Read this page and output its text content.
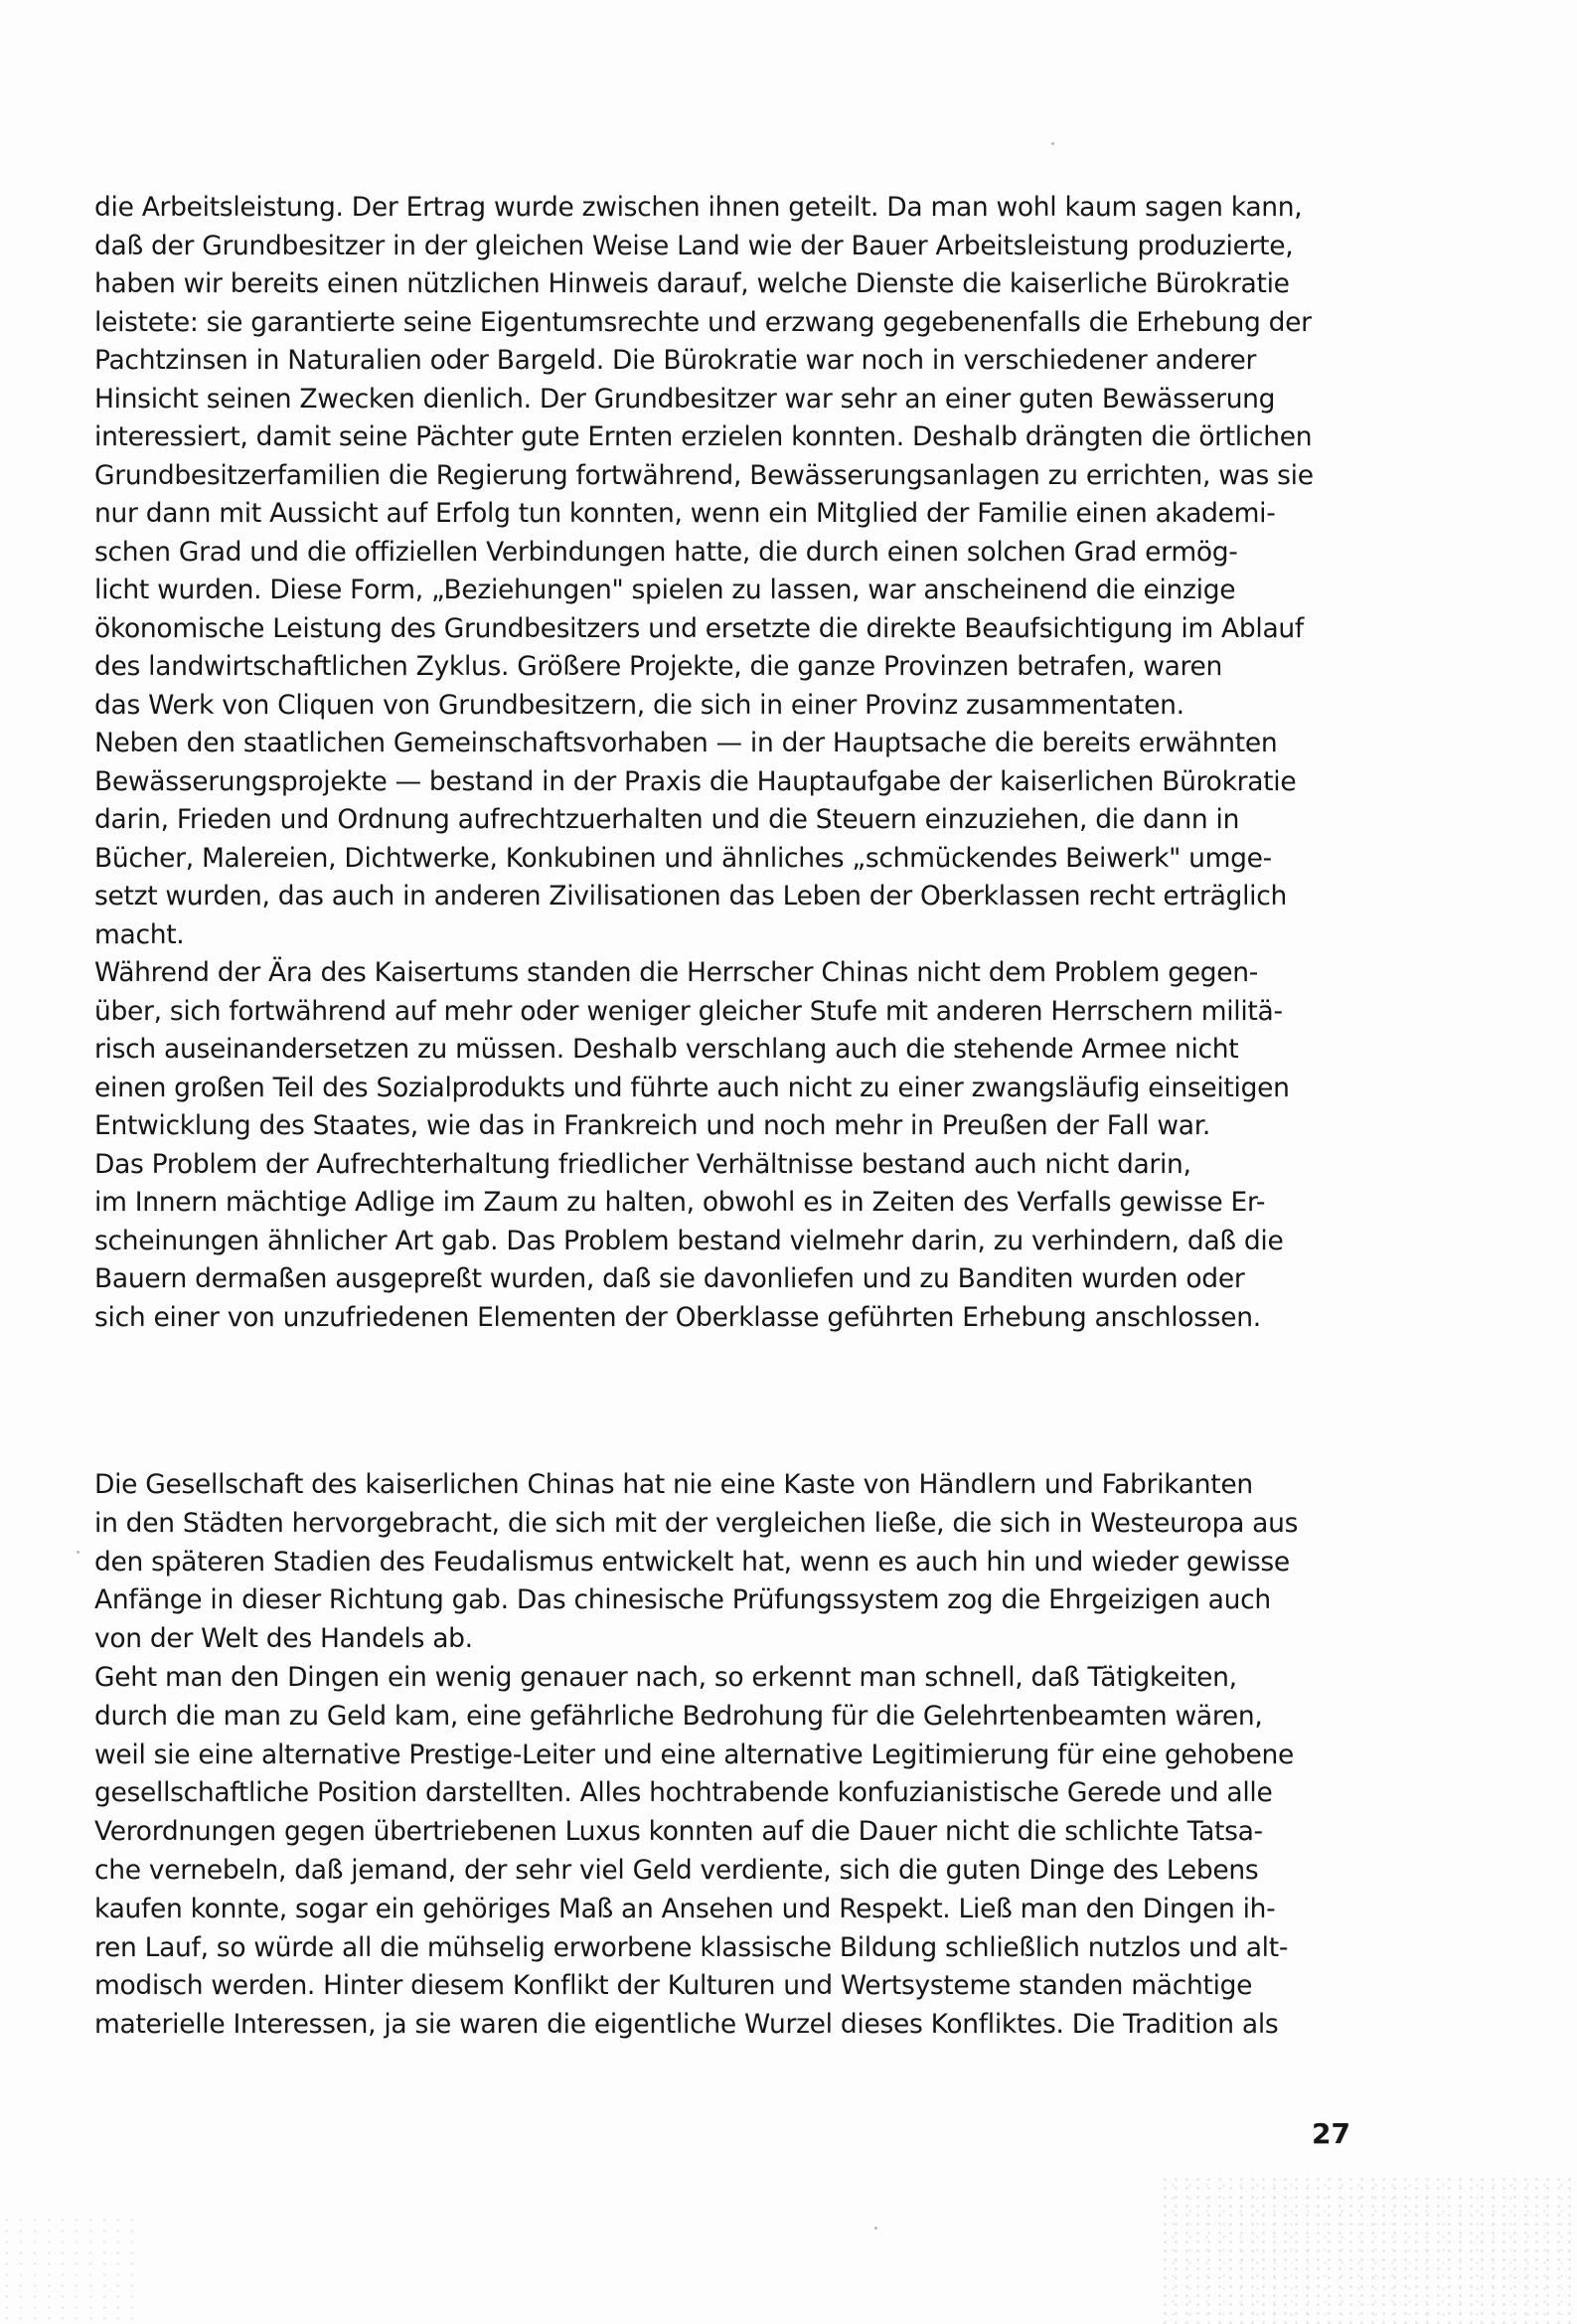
die Arbeitsleistung. Der Ertrag wurde zwischen ihnen geteilt. Da man wohl kaum sagen kann,
daß der Grundbesitzer in der gleichen Weise Land wie der Bauer Arbeitsleistung produzierte,
haben wir bereits einen nützlichen Hinweis darauf, welche Dienste die kaiserliche Bürokratie
leistete: sie garantierte seine Eigentumsrechte und erzwang gegebenenfalls die Erhebung der
Pachtzinsen in Naturalien oder Bargeld. Die Bürokratie war noch in verschiedener anderer
Hinsicht seinen Zwecken dienlich. Der Grundbesitzer war sehr an einer guten Bewässerung
interessiert, damit seine Pächter gute Ernten erzielen konnten. Deshalb drängten die örtlichen
Grundbesitzerfamilien die Regierung fortwährend, Bewässerungsanlagen zu errichten, was sie
nur dann mit Aussicht auf Erfolg tun konnten, wenn ein Mitglied der Familie einen akademi-
schen Grad und die offiziellen Verbindungen hatte, die durch einen solchen Grad ermög-
licht wurden. Diese Form, „Beziehungen" spielen zu lassen, war anscheinend die einzige
ökonomische Leistung des Grundbesitzers und ersetzte die direkte Beaufsichtigung im Ablauf
des landwirtschaftlichen Zyklus. Größere Projekte, die ganze Provinzen betrafen, waren
das Werk von Cliquen von Grundbesitzern, die sich in einer Provinz zusammentaten.
Neben den staatlichen Gemeinschaftsvorhaben — in der Hauptsache die bereits erwähnten
Bewässerungsprojekte — bestand in der Praxis die Hauptaufgabe der kaiserlichen Bürokratie
darin, Frieden und Ordnung aufrechtzuerhalten und die Steuern einzuziehen, die dann in
Bücher, Malereien, Dichtwerke, Konkubinen und ähnliches „schmückendes Beiwerk" umge-
setzt wurden, das auch in anderen Zivilisationen das Leben der Oberklassen recht erträglich
macht.
Während der Ära des Kaisertums standen die Herrscher Chinas nicht dem Problem gegen-
über, sich fortwährend auf mehr oder weniger gleicher Stufe mit anderen Herrschern militä-
risch auseinandersetzen zu müssen. Deshalb verschlang auch die stehende Armee nicht
einen großen Teil des Sozialprodukts und führte auch nicht zu einer zwangsläufig einseitigen
Entwicklung des Staates, wie das in Frankreich und noch mehr in Preußen der Fall war.
Das Problem der Aufrechterhaltung friedlicher Verhältnisse bestand auch nicht darin,
im Innern mächtige Adlige im Zaum zu halten, obwohl es in Zeiten des Verfalls gewisse Er-
scheinungen ähnlicher Art gab. Das Problem bestand vielmehr darin, zu verhindern, daß die
Bauern dermaßen ausgepreßt wurden, daß sie davonliefen und zu Banditen wurden oder
sich einer von unzufriedenen Elementen der Oberklasse geführten Erhebung anschlossen.
Die Gesellschaft des kaiserlichen Chinas hat nie eine Kaste von Händlern und Fabrikanten
in den Städten hervorgebracht, die sich mit der vergleichen ließe, die sich in Westeuropa aus
den späteren Stadien des Feudalismus entwickelt hat, wenn es auch hin und wieder gewisse
Anfänge in dieser Richtung gab. Das chinesische Prüfungssystem zog die Ehrgeizigen auch
von der Welt des Handels ab.
Geht man den Dingen ein wenig genauer nach, so erkennt man schnell, daß Tätigkeiten,
durch die man zu Geld kam, eine gefährliche Bedrohung für die Gelehrtenbeamten wären,
weil sie eine alternative Prestige-Leiter und eine alternative Legitimierung für eine gehobene
gesellschaftliche Position darstellten. Alles hochtrabende konfuzianistische Gerede und alle
Verordnungen gegen übertriebenen Luxus konnten auf die Dauer nicht die schlichte Tatsa-
che vernebeln, daß jemand, der sehr viel Geld verdiente, sich die guten Dinge des Lebens
kaufen konnte, sogar ein gehöriges Maß an Ansehen und Respekt. Ließ man den Dingen ih-
ren Lauf, so würde all die mühselig erworbene klassische Bildung schließlich nutzlos und alt-
modisch werden. Hinter diesem Konflikt der Kulturen und Wertsysteme standen mächtige
materielle Interessen, ja sie waren die eigentliche Wurzel dieses Konfliktes. Die Tradition als
27
